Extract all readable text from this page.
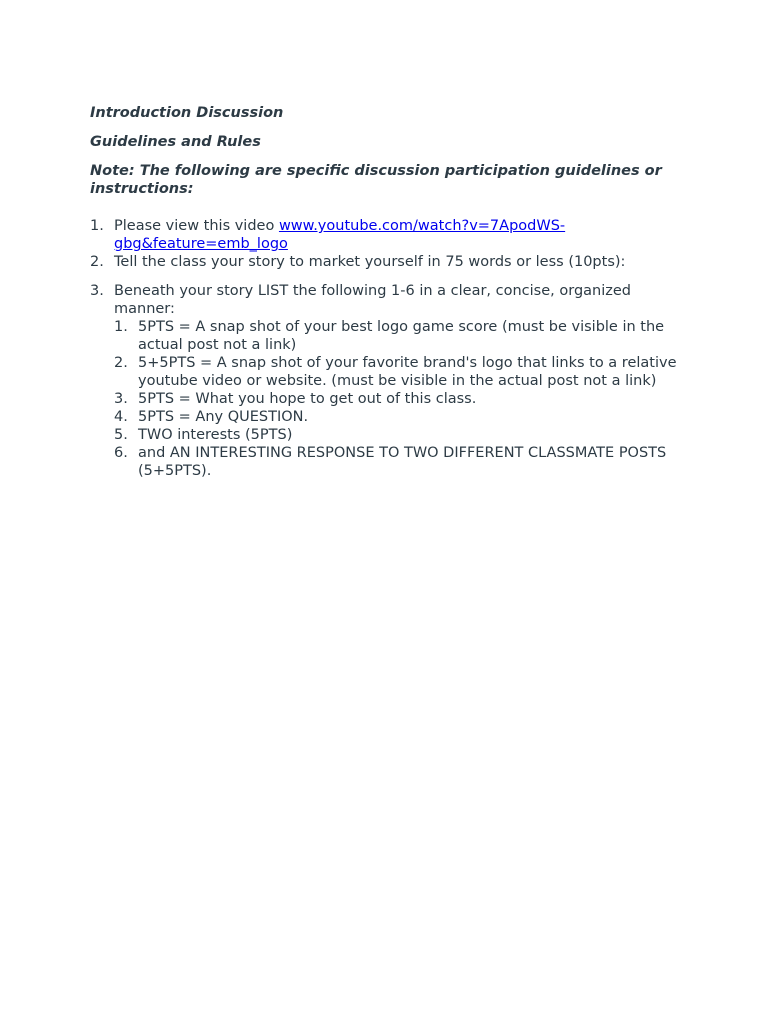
Introduction Discussion

Guidelines and Rules

Note: The following are specific discussion participation guidelines or instructions:

1. Please view this video www.youtube.com/watch?v=7ApodWS-gbg&feature=emb_logo
2. Tell the class your story to market yourself in 75 words or less (10pts):
3. Beneath your story LIST the following 1-6 in a clear, concise, organized manner:
1. 5PTS = A snap shot of your best logo game score (must be visible in the actual post not a link)
2. 5+5PTS = A snap shot of your favorite brand's logo that links to a relative youtube video or website. (must be visible in the actual post not a link)
3. 5PTS = What you hope to get out of this class.
4. 5PTS = Any QUESTION.
5. TWO interests (5PTS)
6. and AN INTERESTING RESPONSE TO TWO DIFFERENT CLASSMATE POSTS (5+5PTS).
